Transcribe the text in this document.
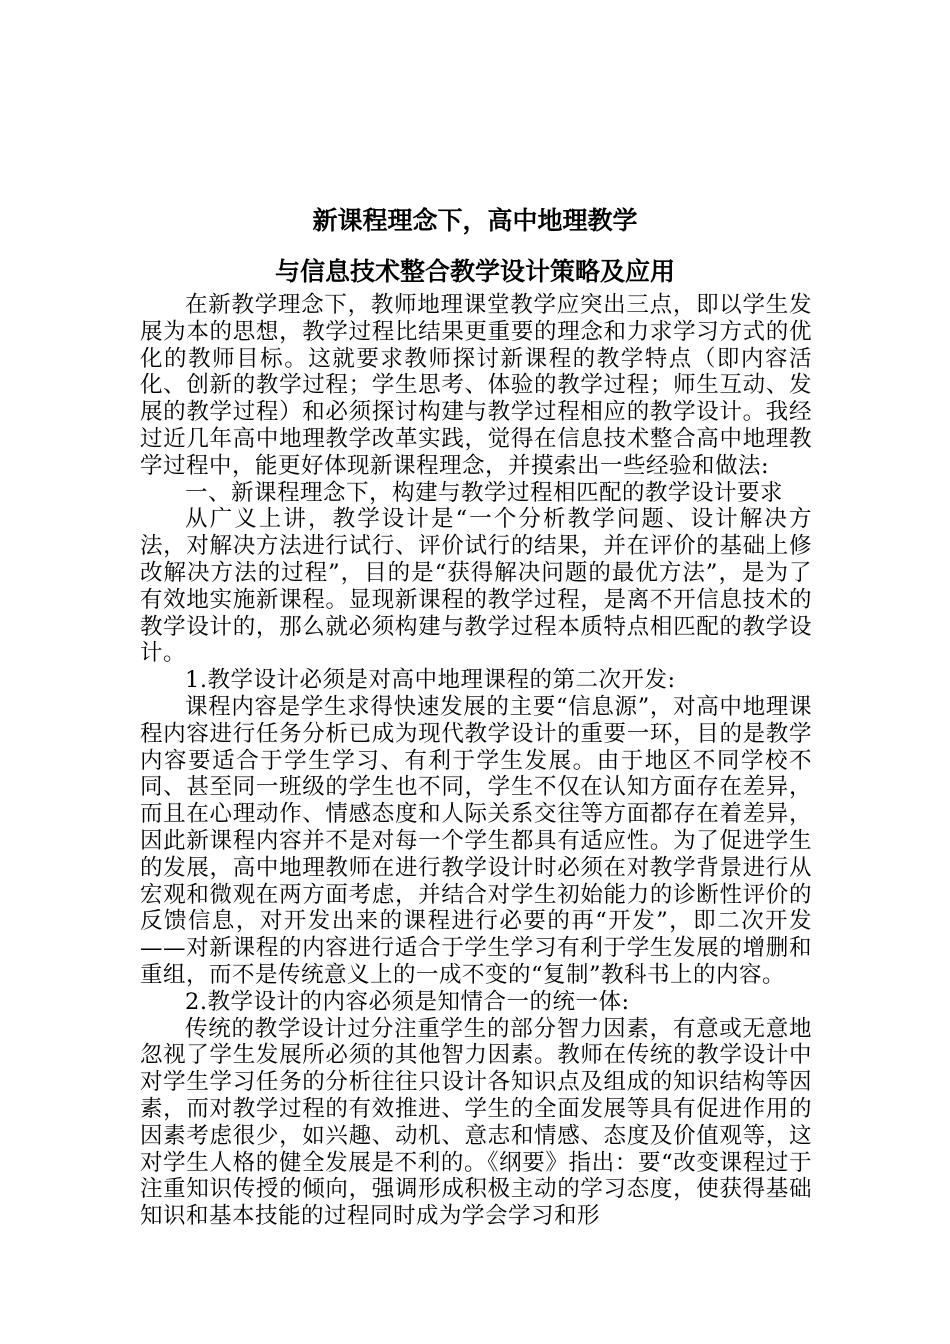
新课程理念下，高中地理教学
与信息技术整合教学设计策略及应用

在新教学理念下，教师地理课堂教学应突出三点，即以学生发展为本的思想，教学过程比结果更重要的理念和力求学习方式的优化的教师目标。这就要求教师探讨新课程的教学特点（即内容活化、创新的教学过程；学生思考、体验的教学过程；师生互动、发展的教学过程）和必须探讨构建与教学过程相应的教学设计。我经过近几年高中地理教学改革实践，觉得在信息技术整合高中地理教学过程中，能更好体现新课程理念，并摸索出一些经验和做法:

一、新课程理念下，构建与教学过程相匹配的教学设计要求

从广义上讲，教学设计是“一个分析教学问题、设计解决方法，对解决方法进行试行、评价试行的结果，并在评价的基础上修改解决方法的过程”，目的是“获得解决问题的最优方法”，是为了有效地实施新课程。显现新课程的教学过程，是离不开信息技术的教学设计的，那么就必须构建与教学过程本质特点相匹配的教学设计。

1.教学设计必须是对高中地理课程的第二次开发:

课程内容是学生求得快速发展的主要“信息源”，对高中地理课程内容进行任务分析已成为现代教学设计的重要一环，目的是教学内容要适合于学生学习、有利于学生发展。由于地区不同学校不同、甚至同一班级的学生也不同，学生不仅在认知方面存在差异，而且在心理动作、情感态度和人际关系交往等方面都存在着差异，因此新课程内容并不是对每一个学生都具有适应性。为了促进学生的发展，高中地理教师在进行教学设计时必须在对教学背景进行从宏观和微观在两方面考虑，并结合对学生初始能力的诊断性评价的反馈信息，对开发出来的课程进行必要的再“开发”，即二次开发——对新课程的内容进行适合于学生学习有利于学生发展的增删和重组，而不是传统意义上的一成不变的“复制”教科书上的内容。

2.教学设计的内容必须是知情合一的统一体:

传统的教学设计过分注重学生的部分智力因素，有意或无意地忽视了学生发展所必须的其他智力因素。教师在传统的教学设计中对学生学习任务的分析往往只设计各知识点及组成的知识结构等因素，而对教学过程的有效推进、学生的全面发展等具有促进作用的因素考虑很少，如兴趣、动机、意志和情感、态度及价值观等，这对学生人格的健全发展是不利的。《纲要》指出：要“改变课程过于注重知识传授的倾向，强调形成积极主动的学习态度，使获得基础知识和基本技能的过程同时成为学会学习和形
